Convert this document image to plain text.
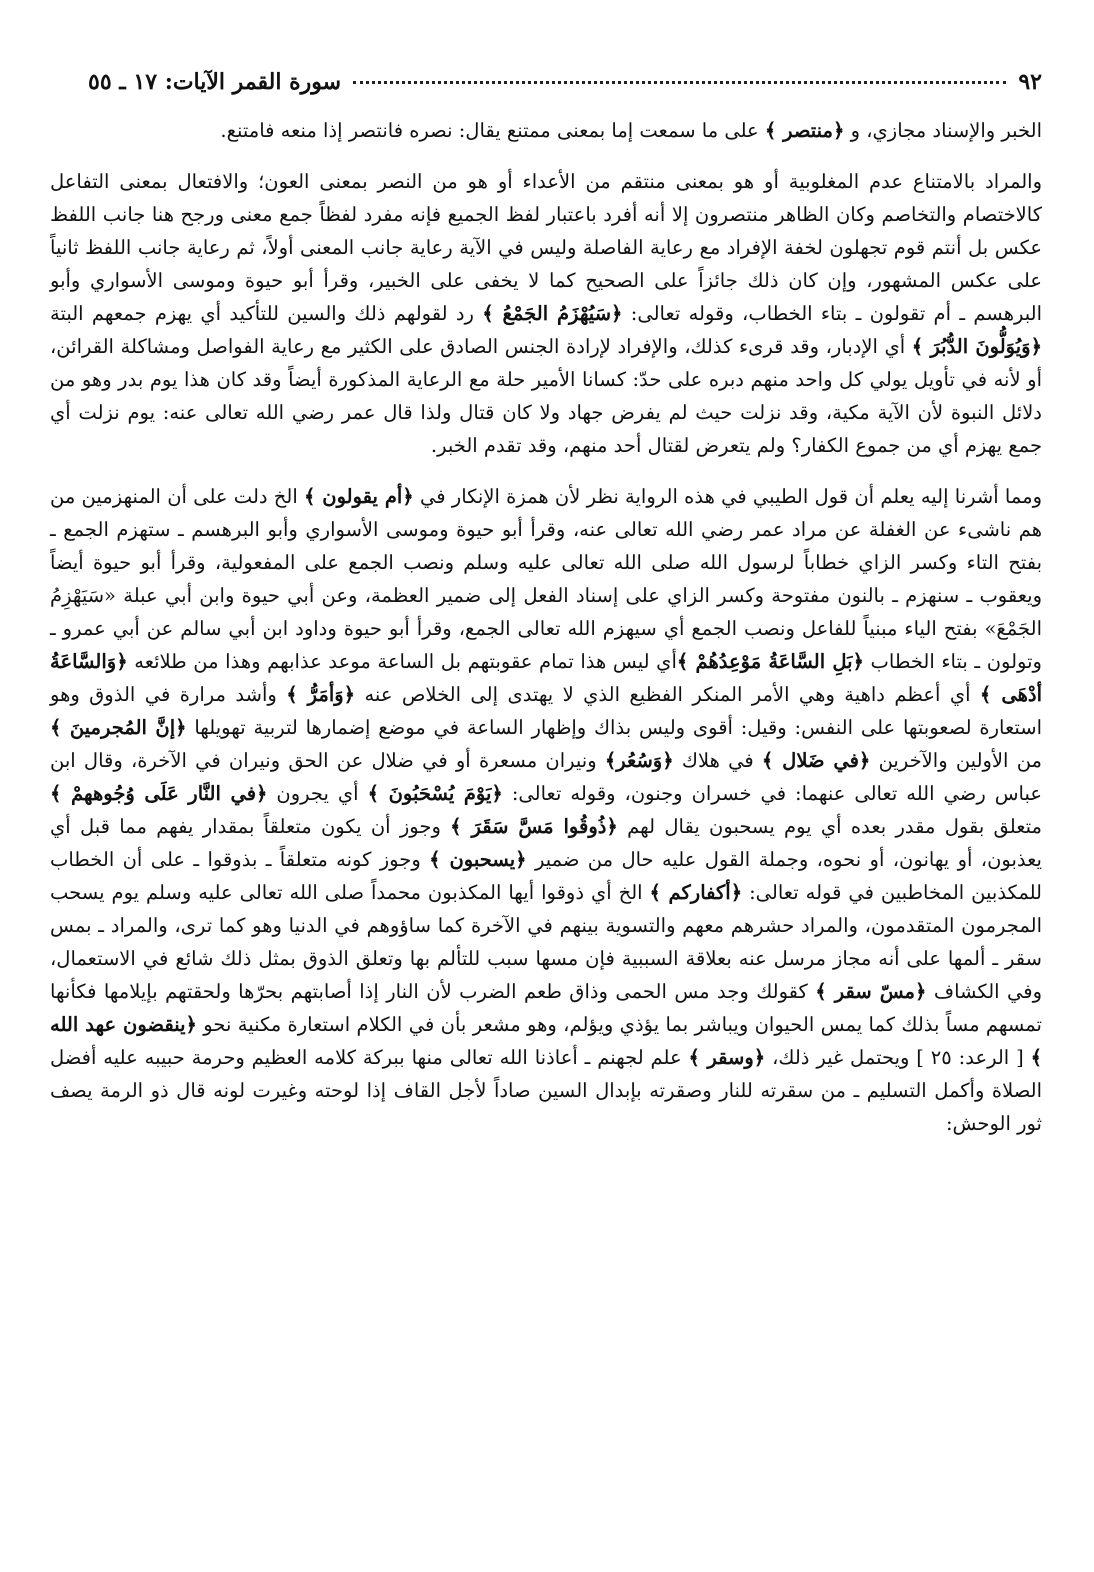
٩٢
سورة القمر الآيات: ١٧ ـ ٥٥

الخبر والإسناد مجازي، و ﴿منتصر ﴾ على ما سمعت إما بمعنى ممتنع يقال: نصره فانتصر إذا منعه فامتنع.

والمراد بالامتناع عدم المغلوبية أو هو بمعنى منتقم من الأعداء أو هو من النصر بمعنى العون؛ والافتعال بمعنى التفاعل كالاختصام والتخاصم وكان الظاهر منتصرون إلا أنه أفرد باعتبار لفظ الجميع فإنه مفرد لفظاً جمع معنى ورجح هنا جانب اللفظ عكس بل أنتم قوم تجهلون لخفة الإفراد مع رعاية الفاصلة وليس في الآية رعاية جانب المعنى أولاً، ثم رعاية جانب اللفظ ثانياً على عكس المشهور، وإن كان ذلك جائزاً على الصحيح كما لا يخفى على الخبير، وقرأ أبو حيوة وموسى الأسواري وأبو البرهسم ـ أم تقولون ـ بتاء الخطاب، وقوله تعالى: ﴿سَيُهْزَمُ الجَمْعُ ﴾ رد لقولهم ذلك والسين للتأكيد أي يهزم جمعهم البتة ﴿وَيُوَلُّونَ الدُّبُرَ ﴾ أي الإدبار، وقد قرىء كذلك، والإفراد لإرادة الجنس الصادق على الكثير مع رعاية الفواصل ومشاكلة القرائن، أو لأنه في تأويل يولي كل واحد منهم دبره على حدّ: كسانا الأمير حلة مع الرعاية المذكورة أيضاً وقد كان هذا يوم بدر وهو من دلائل النبوة لأن الآية مكية، وقد نزلت حيث لم يفرض جهاد ولا كان قتال ولذا قال عمر رضي الله تعالى عنه: يوم نزلت أي جمع يهزم أي من جموع الكفار؟ ولم يتعرض لقتال أحد منهم، وقد تقدم الخبر.

ومما أشرنا إليه يعلم أن قول الطيبي في هذه الرواية نظر لأن همزة الإنكار في ﴿أم يقولون ﴾ الخ دلت على أن المنهزمين من هم ناشىء عن الغفلة عن مراد عمر رضي الله تعالى عنه، وقرأ أبو حيوة وموسى الأسواري وأبو البرهسم ـ ستهزم الجمع ـ بفتح التاء وكسر الزاي خطاباً لرسول الله صلى الله تعالى عليه وسلم ونصب الجمع على المفعولية، وقرأ أبو حيوة أيضاً ويعقوب ـ سنهزم ـ بالنون مفتوحة وكسر الزاي على إسناد الفعل إلى ضمير العظمة، وعن أبي حيوة وابن أبي عبلة «سَيَهْزِمُ الجَمْعَ» بفتح الياء مبنياً للفاعل ونصب الجمع أي سيهزم الله تعالى الجمع، وقرأ أبو حيوة وداود ابن أبي سالم عن أبي عمرو ـ وتولون ـ بتاء الخطاب ﴿بَلِ السَّاعَةُ مَوْعِدُهُمْ ﴾أي ليس هذا تمام عقوبتهم بل الساعة موعد عذابهم وهذا من طلائعه ﴿وَالسَّاعَةُ أدْهَى ﴾ أي أعظم داهية وهي الأمر المنكر الفظيع الذي لا يهتدى إلى الخلاص عنه ﴿وَأمَرُّ ﴾ وأشد مرارة في الذوق وهو استعارة لصعوبتها على النفس: وقيل: أقوى وليس بذاك وإظهار الساعة في موضع إضمارها لتربية تهويلها ﴿إنَّ المُجرمينَ ﴾ من الأولين والآخرين ﴿في ضَلال ﴾ في هلاك ﴿وَسُعُر﴾ ونيران مسعرة أو في ضلال عن الحق ونيران في الآخرة، وقال ابن عباس رضي الله تعالى عنهما: في خسران وجنون، وقوله تعالى: ﴿يَوْمَ يُسْحَبُونَ ﴾ أي يجرون ﴿في النَّار عَلَى وُجُوههمْ ﴾ متعلق بقول مقدر بعده أي يوم يسحبون يقال لهم ﴿ذُوقُوا مَسَّ سَقَرَ ﴾ وجوز أن يكون متعلقاً بمقدار يفهم مما قبل أي يعذبون، أو يهانون، أو نحوه، وجملة القول عليه حال من ضمير ﴿يسحبون ﴾ وجوز كونه متعلقاً ـ بذوقوا ـ على أن الخطاب للمكذبين المخاطبين في قوله تعالى: ﴿أكفاركم ﴾ الخ أي ذوقوا أيها المكذبون محمداً صلى الله تعالى عليه وسلم يوم يسحب المجرمون المتقدمون، والمراد حشرهم معهم والتسوية بينهم في الآخرة كما ساؤوهم في الدنيا وهو كما ترى، والمراد ـ بمس سقر ـ ألمها على أنه مجاز مرسل عنه بعلاقة السببية فإن مسها سبب للتألم بها وتعلق الذوق بمثل ذلك شائع في الاستعمال، وفي الكشاف ﴿مسّ سقر ﴾ كقولك وجد مس الحمى وذاق طعم الضرب لأن النار إذا أصابتهم بحرّها ولحقتهم بإيلامها فكأنها تمسهم مساً بذلك كما يمس الحيوان ويباشر بما يؤذي ويؤلم، وهو مشعر بأن في الكلام استعارة مكنية نحو ﴿ينقضون عهد الله ﴾ [ الرعد: ٢٥ ] ويحتمل غير ذلك، ﴿وسقر ﴾ علم لجهنم ـ أعاذنا الله تعالى منها ببركة كلامه العظيم وحرمة حبيبه عليه أفضل الصلاة وأكمل التسليم ـ من سقرته للنار وصقرته بإبدال السين صاداً لأجل القاف إذا لوحته وغيرت لونه قال ذو الرمة يصف ثور الوحش:
